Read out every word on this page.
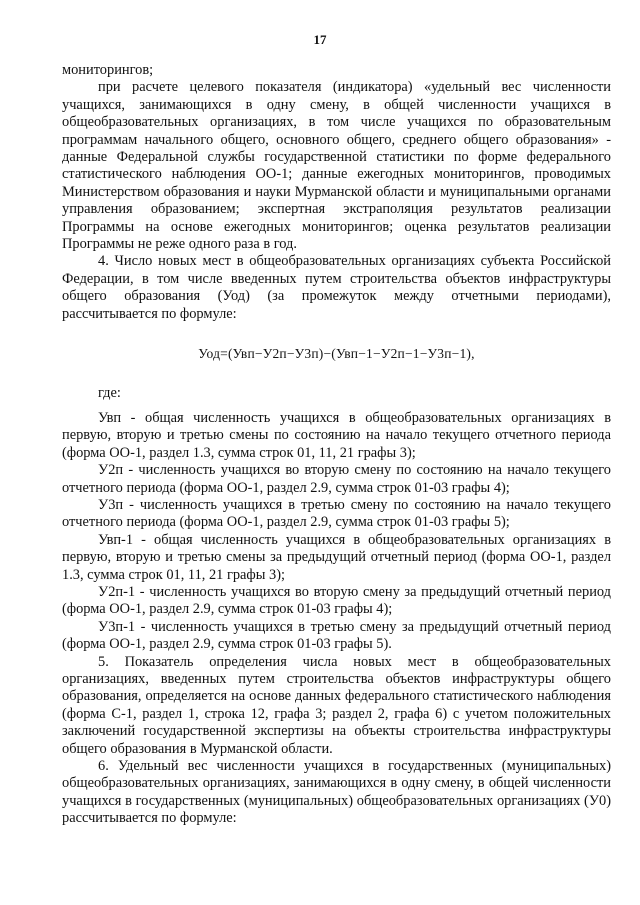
17

мониторингов;

при расчете целевого показателя (индикатора) «удельный вес численности учащихся, занимающихся в одну смену, в общей численности учащихся в общеобразовательных организациях, в том числе учащихся по образовательным программам начального общего, основного общего, среднего общего образования» - данные Федеральной службы государственной статистики по форме федерального статистического наблюдения ОО-1; данные ежегодных мониторингов, проводимых Министерством образования и науки Мурманской области и муниципальными органами управления образованием; экспертная экстраполяция результатов реализации Программы на основе ежегодных мониторингов; оценка результатов реализации Программы не реже одного раза в год.

4. Число новых мест в общеобразовательных организациях субъекта Российской Федерации, в том числе введенных путем строительства объектов инфраструктуры общего образования (Уод) (за промежуток между отчетными периодами), рассчитывается по формуле:

Уод=(Увп−У2п−У3п)−(Увп−1−У2п−1−У3п−1),

где:

Увп - общая численность учащихся в общеобразовательных организациях в первую, вторую и третью смены по состоянию на начало текущего отчетного периода (форма ОО-1, раздел 1.3, сумма строк 01, 11, 21 графы 3);

У2п - численность учащихся во вторую смену по состоянию на начало текущего отчетного периода (форма ОО-1, раздел 2.9, сумма строк 01-03 графы 4);

У3п - численность учащихся в третью смену по состоянию на начало текущего отчетного периода (форма ОО-1, раздел 2.9, сумма строк 01-03 графы 5);

Увп-1 - общая численность учащихся в общеобразовательных организациях в первую, вторую и третью смены за предыдущий отчетный период (форма ОО-1, раздел 1.3, сумма строк 01, 11, 21 графы 3);

У2п-1 - численность учащихся во вторую смену за предыдущий отчетный период (форма ОО-1, раздел 2.9, сумма строк 01-03 графы 4);

У3п-1 - численность учащихся в третью смену за предыдущий отчетный период (форма ОО-1, раздел 2.9, сумма строк 01-03 графы 5).

5. Показатель определения числа новых мест в общеобразовательных организациях, введенных путем строительства объектов инфраструктуры общего образования, определяется на основе данных федерального статистического наблюдения (форма С-1, раздел 1, строка 12, графа 3; раздел 2, графа 6) с учетом положительных заключений государственной экспертизы на объекты строительства инфраструктуры общего образования в Мурманской области.

6. Удельный вес численности учащихся в государственных (муниципальных) общеобразовательных организациях, занимающихся в одну смену, в общей численности учащихся в государственных (муниципальных) общеобразовательных организациях (У0) рассчитывается по формуле:
